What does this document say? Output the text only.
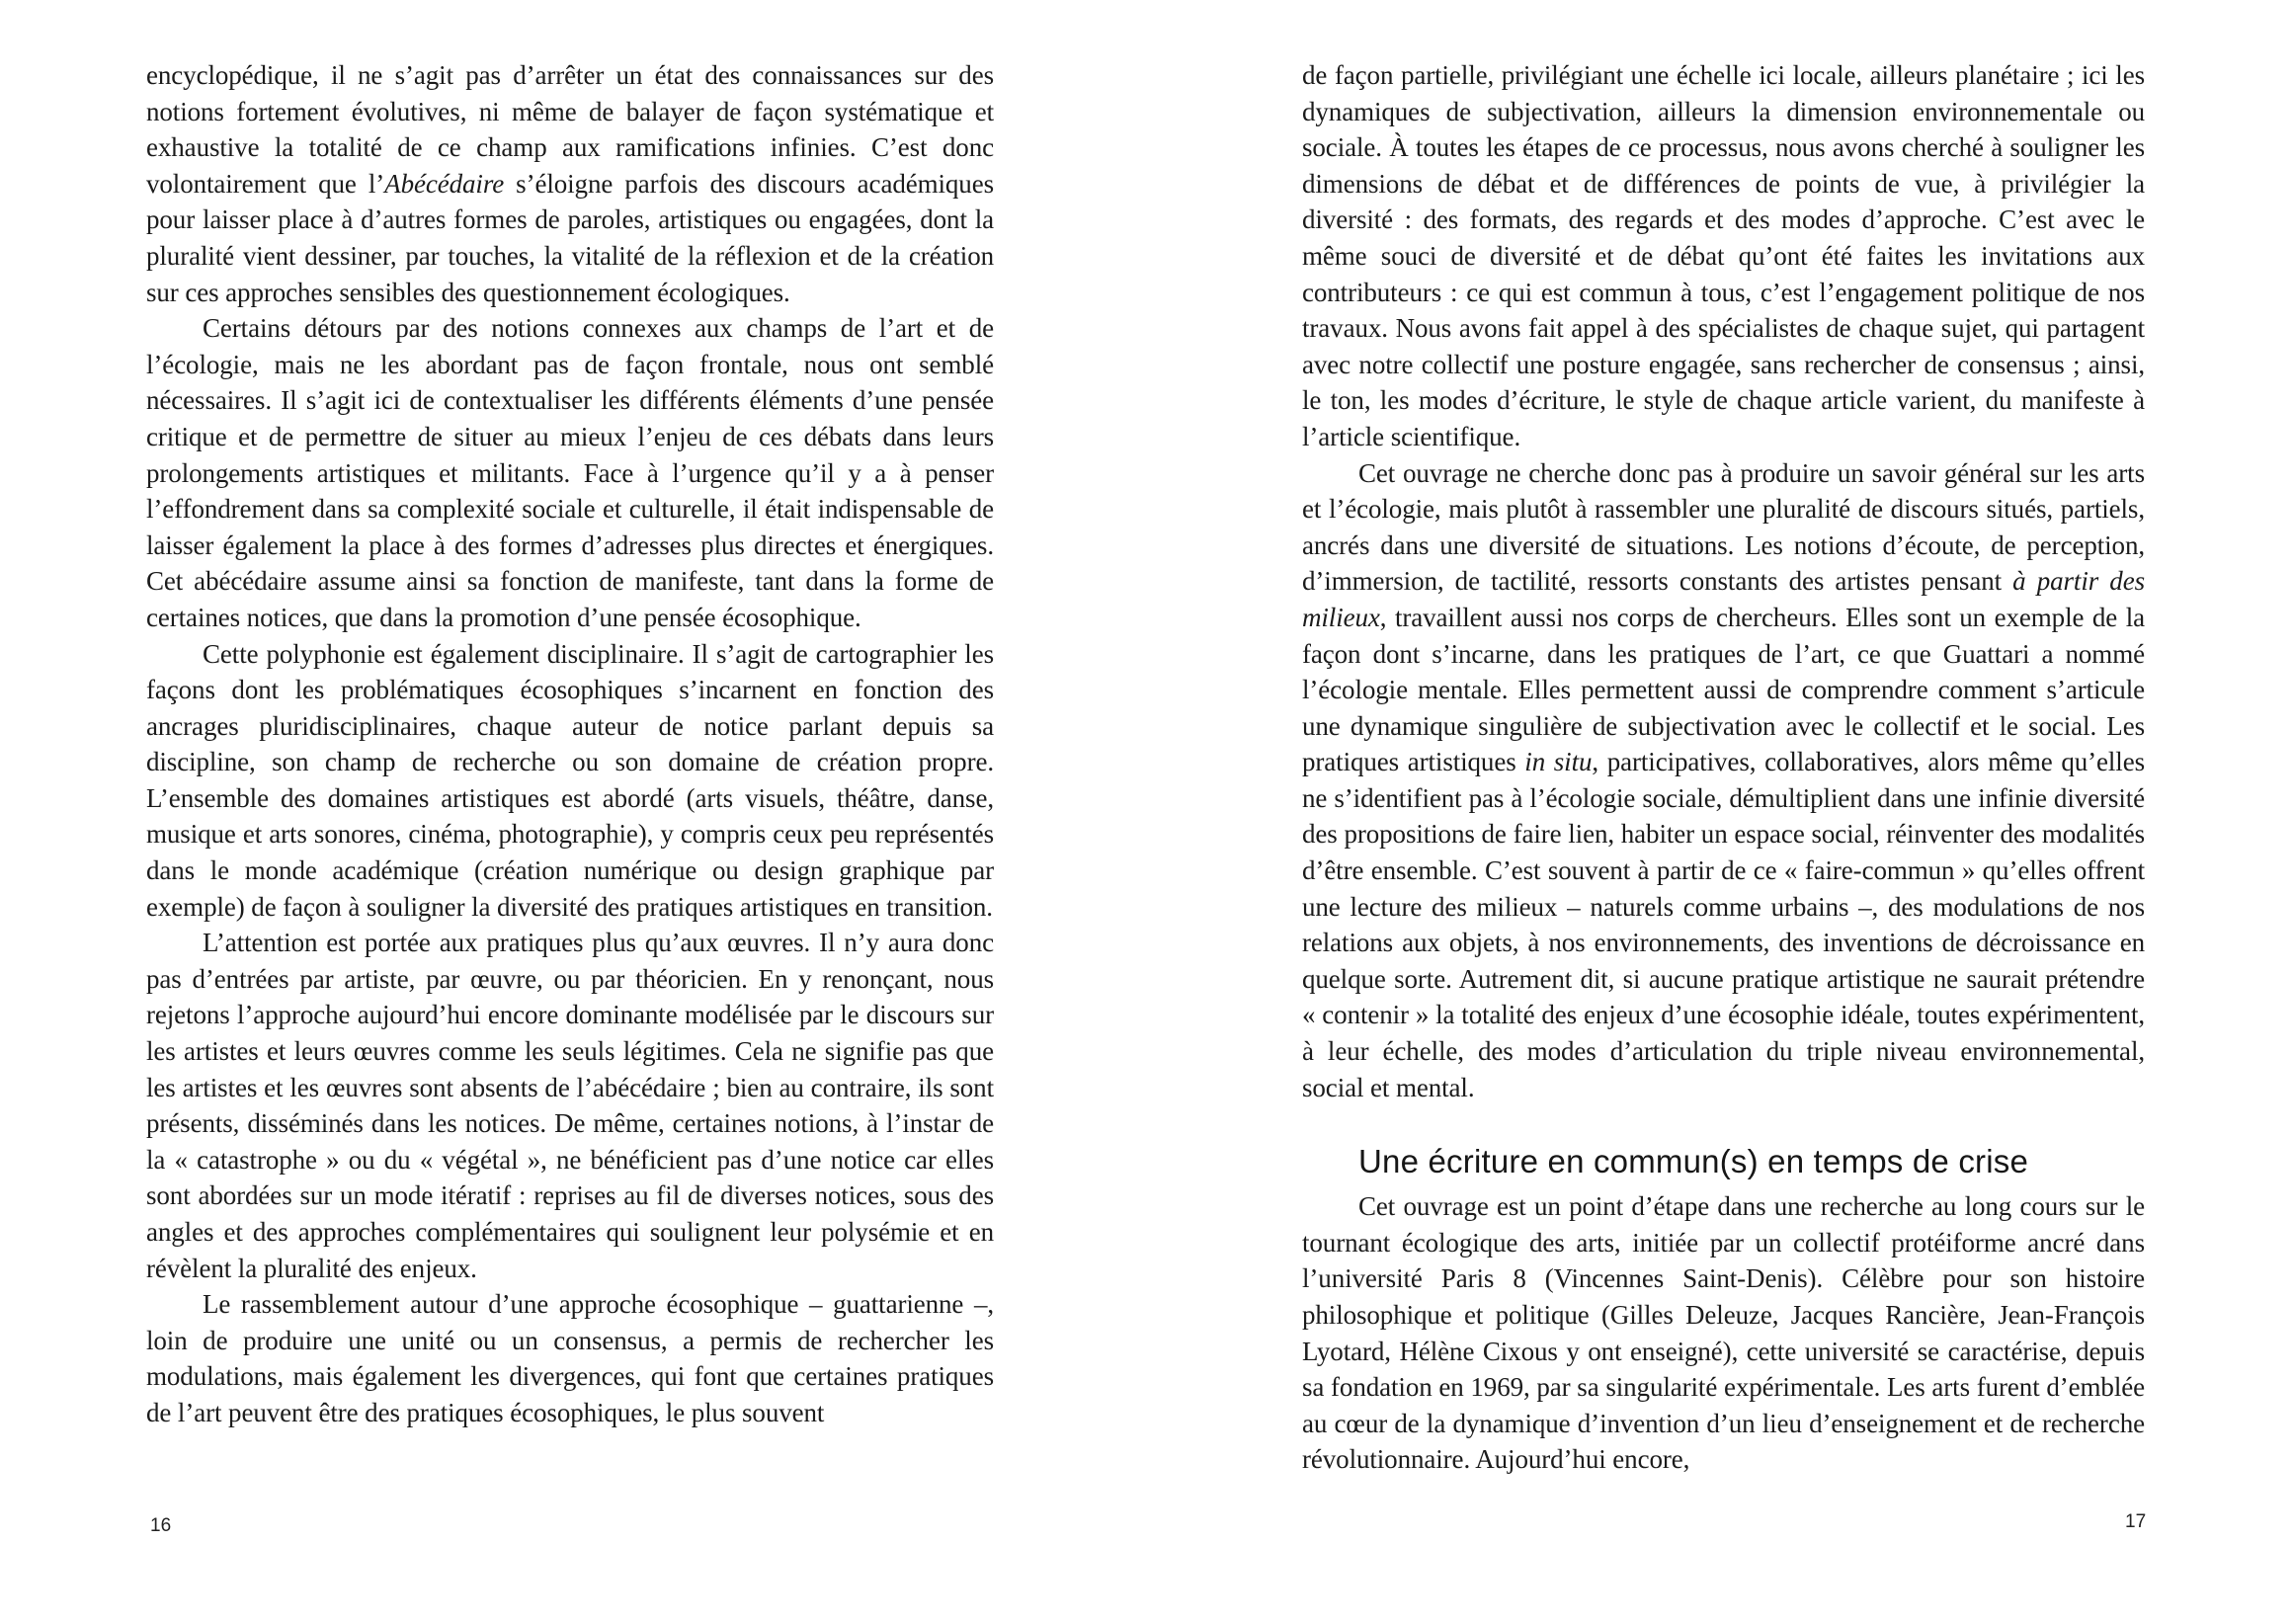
encyclopédique, il ne s’agit pas d’arrêter un état des connaissances sur des notions fortement évolutives, ni même de balayer de façon systématique et exhaustive la totalité de ce champ aux ramifications infinies. C’est donc volontairement que l’Abécédaire s’éloigne parfois des discours académiques pour laisser place à d’autres formes de paroles, artistiques ou engagées, dont la pluralité vient dessiner, par touches, la vitalité de la réflexion et de la création sur ces approches sensibles des questionnement écologiques.

Certains détours par des notions connexes aux champs de l’art et de l’écologie, mais ne les abordant pas de façon frontale, nous ont semblé nécessaires. Il s’agit ici de contextualiser les différents éléments d’une pensée critique et de permettre de situer au mieux l’enjeu de ces débats dans leurs prolongements artistiques et militants. Face à l’urgence qu’il y a à penser l’effondrement dans sa complexité sociale et culturelle, il était indispensable de laisser également la place à des formes d’adresses plus directes et énergiques. Cet abécédaire assume ainsi sa fonction de manifeste, tant dans la forme de certaines notices, que dans la promotion d’une pensée écosophique.

Cette polyphonie est également disciplinaire. Il s’agit de cartographier les façons dont les problématiques écosophiques s’incarnent en fonction des ancrages pluridisciplinaires, chaque auteur de notice parlant depuis sa discipline, son champ de recherche ou son domaine de création propre. L’ensemble des domaines artistiques est abordé (arts visuels, théâtre, danse, musique et arts sonores, cinéma, photographie), y compris ceux peu représentés dans le monde académique (création numérique ou design graphique par exemple) de façon à souligner la diversité des pratiques artistiques en transition.

L’attention est portée aux pratiques plus qu’aux œuvres. Il n’y aura donc pas d’entrées par artiste, par œuvre, ou par théoricien. En y renonçant, nous rejetons l’approche aujourd’hui encore dominante modélisée par le discours sur les artistes et leurs œuvres comme les seuls légitimes. Cela ne signifie pas que les artistes et les œuvres sont absents de l’abécédaire ; bien au contraire, ils sont présents, disséminés dans les notices. De même, certaines notions, à l’instar de la « catastrophe » ou du « végétal », ne bénéficient pas d’une notice car elles sont abordées sur un mode itératif : reprises au fil de diverses notices, sous des angles et des approches complémentaires qui soulignent leur polysémie et en révèlent la pluralité des enjeux.

Le rassemblement autour d’une approche écosophique – guattarienne –, loin de produire une unité ou un consensus, a permis de rechercher les modulations, mais également les divergences, qui font que certaines pratiques de l’art peuvent être des pratiques écosophiques, le plus souvent

16

de façon partielle, privilégiant une échelle ici locale, ailleurs planétaire ; ici les dynamiques de subjectivation, ailleurs la dimension environnementale ou sociale. À toutes les étapes de ce processus, nous avons cherché à souligner les dimensions de débat et de différences de points de vue, à privilégier la diversité : des formats, des regards et des modes d’approche. C’est avec le même souci de diversité et de débat qu’ont été faites les invitations aux contributeurs : ce qui est commun à tous, c’est l’engagement politique de nos travaux. Nous avons fait appel à des spécialistes de chaque sujet, qui partagent avec notre collectif une posture engagée, sans rechercher de consensus ; ainsi, le ton, les modes d’écriture, le style de chaque article varient, du manifeste à l’article scientifique.

Cet ouvrage ne cherche donc pas à produire un savoir général sur les arts et l’écologie, mais plutôt à rassembler une pluralité de discours situés, partiels, ancrés dans une diversité de situations. Les notions d’écoute, de perception, d’immersion, de tactilité, ressorts constants des artistes pensant à partir des milieux, travaillent aussi nos corps de chercheurs. Elles sont un exemple de la façon dont s’incarne, dans les pratiques de l’art, ce que Guattari a nommé l’écologie mentale. Elles permettent aussi de comprendre comment s’articule une dynamique singulière de subjectivation avec le collectif et le social. Les pratiques artistiques in situ, participatives, collaboratives, alors même qu’elles ne s’identifient pas à l’écologie sociale, démultiplient dans une infinie diversité des propositions de faire lien, habiter un espace social, réinventer des modalités d’être ensemble. C’est souvent à partir de ce « faire-commun » qu’elles offrent une lecture des milieux – naturels comme urbains –, des modulations de nos relations aux objets, à nos environnements, des inventions de décroissance en quelque sorte. Autrement dit, si aucune pratique artistique ne saurait prétendre « contenir » la totalité des enjeux d’une écosophie idéale, toutes expérimentent, à leur échelle, des modes d’articulation du triple niveau environnemental, social et mental.

Une écriture en commun(s) en temps de crise

Cet ouvrage est un point d’étape dans une recherche au long cours sur le tournant écologique des arts, initiée par un collectif protéiforme ancré dans l’université Paris 8 (Vincennes Saint-Denis). Célèbre pour son histoire philosophique et politique (Gilles Deleuze, Jacques Rancière, Jean-François Lyotard, Hélène Cixous y ont enseigné), cette université se caractérise, depuis sa fondation en 1969, par sa singularité expérimentale. Les arts furent d’emblée au cœur de la dynamique d’invention d’un lieu d’enseignement et de recherche révolutionnaire. Aujourd’hui encore,

17
